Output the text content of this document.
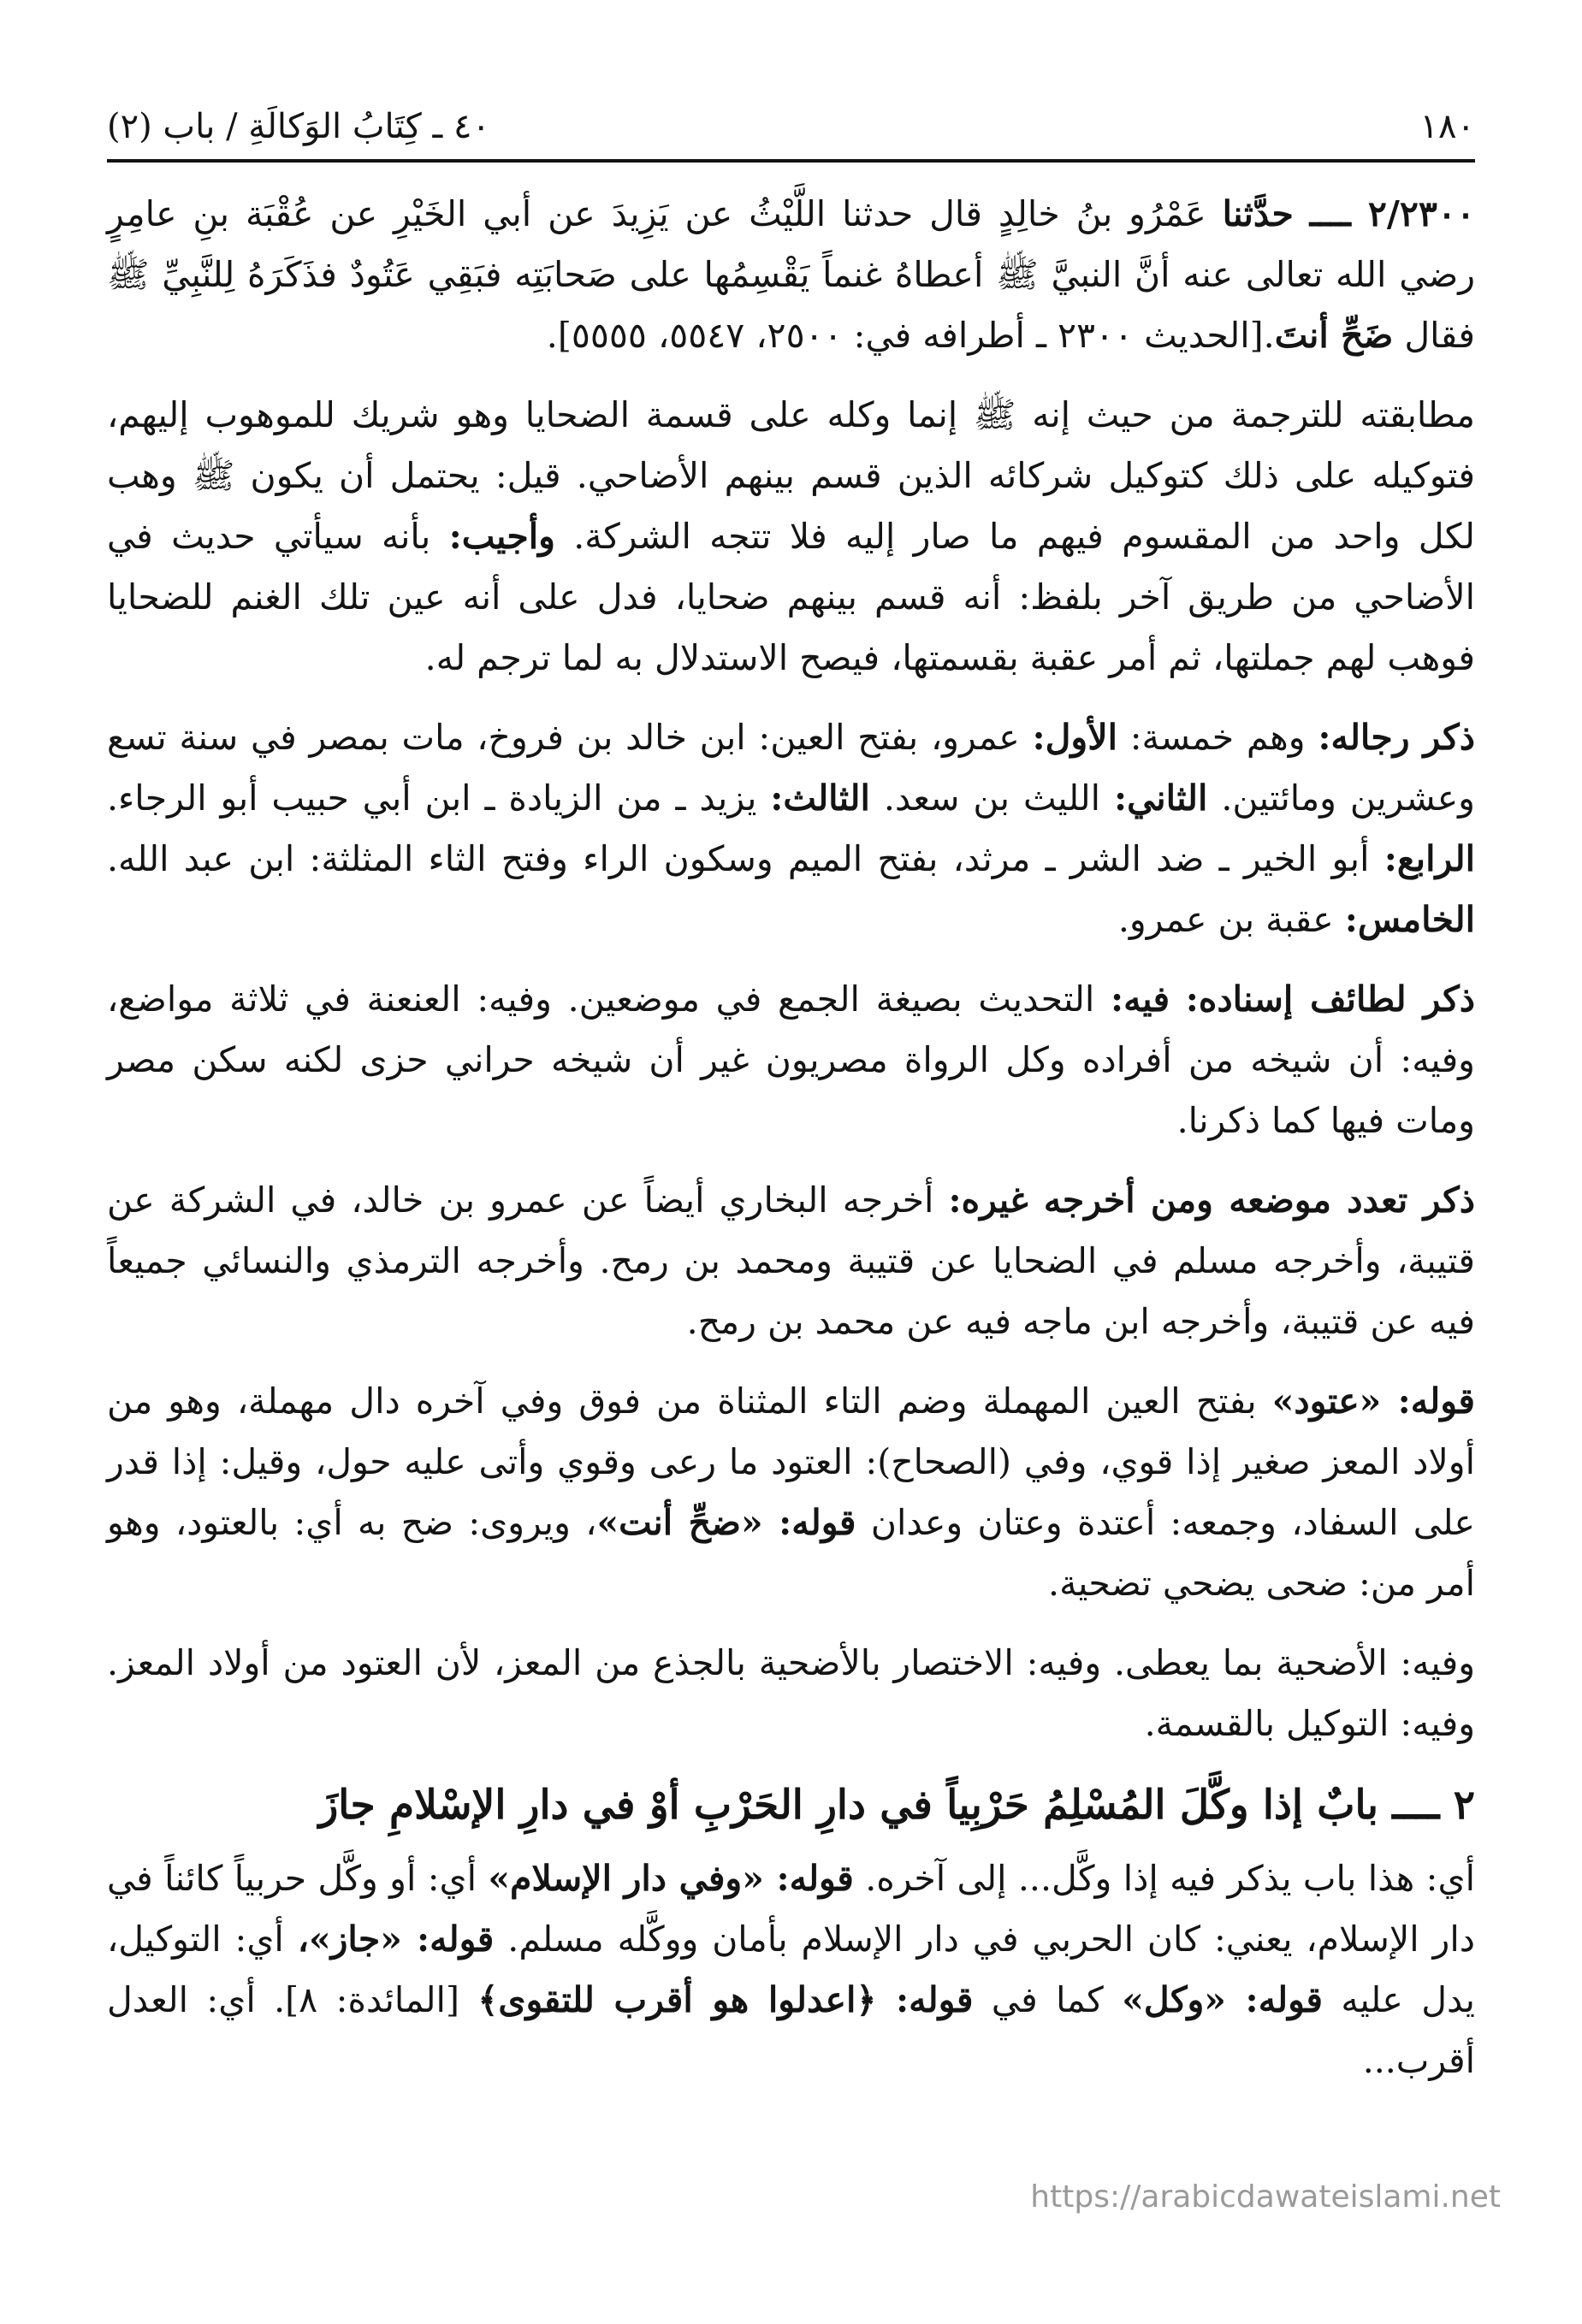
١٨٠
٤٠ ـ كِتَابُ الوَكالَةِ / باب (٢)

٢/٢٣٠٠ ــــ حدَّثنا عَمْرُو بنُ خالِدٍ قال حدثنا اللَّيْثُ عن يَزِيدَ عن أبي الخَيْرِ عن عُقْبَة بنِ عامِرٍ رضي الله تعالى عنه أنَّ النبيَّ ﷺ أعطاهُ غنماً يَقْسِمُها على صَحابَتِه فبَقِي عَتُودٌ فذَكَرَهُ لِلنَّبِيِّ ﷺ فقال ضَحِّ أنتَ.[الحديث ٢٣٠٠ ـ أطرافه في: ٢٥٠٠، ٥٥٤٧، ٥٥٥٥].

مطابقته للترجمة من حيث إنه ﷺ إنما وكله على قسمة الضحايا وهو شريك للموهوب إليهم، فتوكيله على ذلك كتوكيل شركائه الذين قسم بينهم الأضاحي. قيل: يحتمل أن يكون ﷺ وهب لكل واحد من المقسوم فيهم ما صار إليه فلا تتجه الشركة. وأجيب: بأنه سيأتي حديث في الأضاحي من طريق آخر بلفظ: أنه قسم بينهم ضحايا، فدل على أنه عين تلك الغنم للضحايا فوهب لهم جملتها، ثم أمر عقبة بقسمتها، فيصح الاستدلال به لما ترجم له.

ذكر رجاله: وهم خمسة: الأول: عمرو، بفتح العين: ابن خالد بن فروخ، مات بمصر في سنة تسع وعشرين ومائتين. الثاني: الليث بن سعد. الثالث: يزيد ـ من الزيادة ـ ابن أبي حبيب أبو الرجاء. الرابع: أبو الخير ـ ضد الشر ـ مرثد، بفتح الميم وسكون الراء وفتح الثاء المثلثة: ابن عبد الله. الخامس: عقبة بن عمرو.

ذكر لطائف إسناده: فيه: التحديث بصيغة الجمع في موضعين. وفيه: العنعنة في ثلاثة مواضع، وفيه: أن شيخه من أفراده وكل الرواة مصريون غير أن شيخه حراني حزى لكنه سكن مصر ومات فيها كما ذكرنا.

ذكر تعدد موضعه ومن أخرجه غيره: أخرجه البخاري أيضاً عن عمرو بن خالد، في الشركة عن قتيبة، وأخرجه مسلم في الضحايا عن قتيبة ومحمد بن رمح. وأخرجه الترمذي والنسائي جميعاً فيه عن قتيبة، وأخرجه ابن ماجه فيه عن محمد بن رمح.

قوله: «عتود» بفتح العين المهملة وضم التاء المثناة من فوق وفي آخره دال مهملة، وهو من أولاد المعز صغير إذا قوي، وفي (الصحاح): العتود ما رعى وقوي وأتى عليه حول، وقيل: إذا قدر على السفاد، وجمعه: أعتدة وعتان وعدان قوله: «ضحِّ أنت»، ويروى: ضح به أي: بالعتود، وهو أمر من: ضحى يضحي تضحية.

وفيه: الأضحية بما يعطى. وفيه: الاختصار بالأضحية بالجذع من المعز، لأن العتود من أولاد المعز. وفيه: التوكيل بالقسمة.

٢ ــــ بابٌ إذا وكَّلَ المُسْلِمُ حَرْبِياً في دارِ الحَرْبِ أوْ في دارِ الإسْلامِ جازَ

أي: هذا باب يذكر فيه إذا وكَّل... إلى آخره. قوله: «وفي دار الإسلام» أي: أو وكَّل حربياً كائناً في دار الإسلام، يعني: كان الحربي في دار الإسلام بأمان ووكَّله مسلم. قوله: «جاز»، أي: التوكيل، يدل عليه قوله: «وكل» كما في قوله: ﴿اعدلوا هو أقرب للتقوى﴾ [المائدة: ٨]. أي: العدل أقرب...

https://arabicdawateislami.net
